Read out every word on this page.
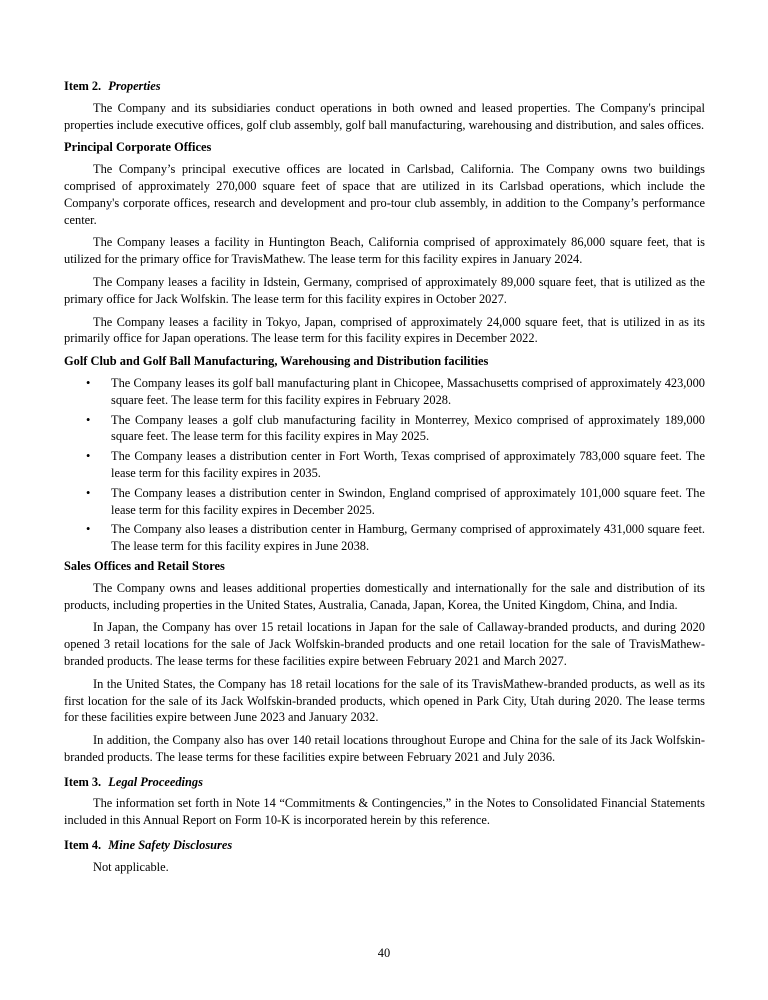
Item 2. Properties

The Company and its subsidiaries conduct operations in both owned and leased properties. The Company's principal properties include executive offices, golf club assembly, golf ball manufacturing, warehousing and distribution, and sales offices.

Principal Corporate Offices

The Company’s principal executive offices are located in Carlsbad, California. The Company owns two buildings comprised of approximately 270,000 square feet of space that are utilized in its Carlsbad operations, which include the Company's corporate offices, research and development and pro-tour club assembly, in addition to the Company’s performance center.

The Company leases a facility in Huntington Beach, California comprised of approximately 86,000 square feet, that is utilized for the primary office for TravisMathew. The lease term for this facility expires in January 2024.

The Company leases a facility in Idstein, Germany, comprised of approximately 89,000 square feet, that is utilized as the primary office for Jack Wolfskin. The lease term for this facility expires in October 2027.

The Company leases a facility in Tokyo, Japan, comprised of approximately 24,000 square feet, that is utilized in as its primarily office for Japan operations. The lease term for this facility expires in December 2022.

Golf Club and Golf Ball Manufacturing, Warehousing and Distribution facilities
• The Company leases its golf ball manufacturing plant in Chicopee, Massachusetts comprised of approximately 423,000 square feet. The lease term for this facility expires in February 2028.
• The Company leases a golf club manufacturing facility in Monterrey, Mexico comprised of approximately 189,000 square feet. The lease term for this facility expires in May 2025.
• The Company leases a distribution center in Fort Worth, Texas comprised of approximately 783,000 square feet. The lease term for this facility expires in 2035.
• The Company leases a distribution center in Swindon, England comprised of approximately 101,000 square feet. The lease term for this facility expires in December 2025.
• The Company also leases a distribution center in Hamburg, Germany comprised of approximately 431,000 square feet. The lease term for this facility expires in June 2038.
Sales Offices and Retail Stores

The Company owns and leases additional properties domestically and internationally for the sale and distribution of its products, including properties in the United States, Australia, Canada, Japan, Korea, the United Kingdom, China, and India.

In Japan, the Company has over 15 retail locations in Japan for the sale of Callaway-branded products, and during 2020 opened 3 retail locations for the sale of Jack Wolfskin-branded products and one retail location for the sale of TravisMathew-branded products. The lease terms for these facilities expire between February 2021 and March 2027.

In the United States, the Company has 18 retail locations for the sale of its TravisMathew-branded products, as well as its first location for the sale of its Jack Wolfskin-branded products, which opened in Park City, Utah during 2020. The lease terms for these facilities expire between June 2023 and January 2032.

In addition, the Company also has over 140 retail locations throughout Europe and China for the sale of its Jack Wolfskin-branded products. The lease terms for these facilities expire between February 2021 and July 2036.

Item 3. Legal Proceedings

The information set forth in Note 14 “Commitments & Contingencies,” in the Notes to Consolidated Financial Statements included in this Annual Report on Form 10-K is incorporated herein by this reference.

Item 4. Mine Safety Disclosures

Not applicable.

40
